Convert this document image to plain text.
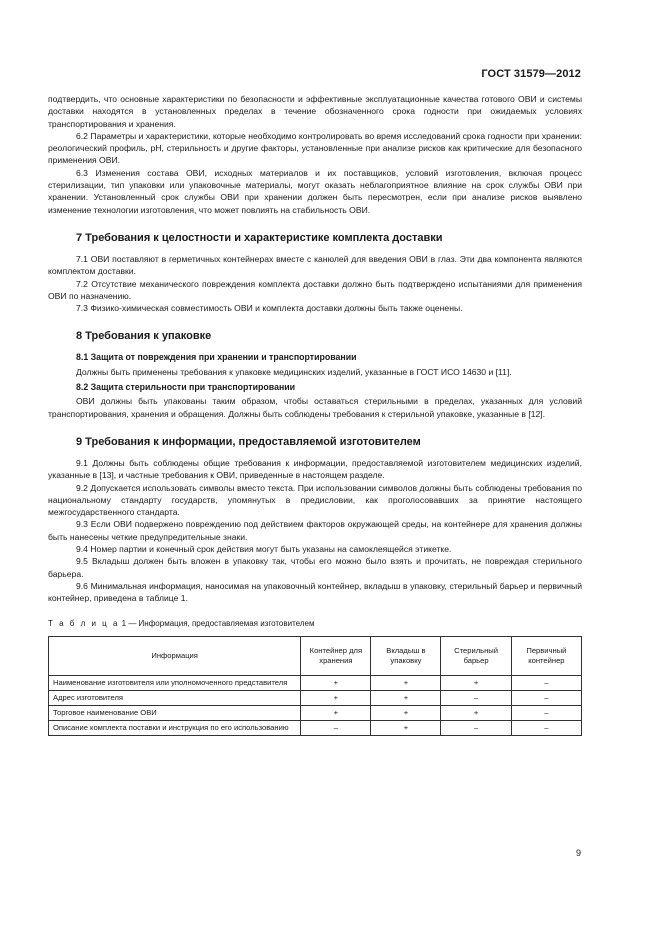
ГОСТ 31579—2012

подтвердить, что основные характеристики по безопасности и эффективные эксплуатационные качества готового ОВИ и системы доставки находятся в установленных пределах в течение обозначенного срока годности при ожидаемых условиях транспортирования и хранения.

6.2 Параметры и характеристики, которые необходимо контролировать во время исследований срока годности при хранении: реологический профиль, pH, стерильность и другие факторы, установленные при анализе рисков как критические для безопасного применения ОВИ.

6.3 Изменения состава ОВИ, исходных материалов и их поставщиков, условий изготовления, включая процесс стерилизации, тип упаковки или упаковочные материалы, могут оказать неблагоприятное влияние на срок службы ОВИ при хранении. Установленный срок службы ОВИ при хранении должен быть пересмотрен, если при анализе рисков выявлено изменение технологии изготовления, что может повлиять на стабильность ОВИ.

7 Требования к целостности и характеристике комплекта доставки

7.1 ОВИ поставляют в герметичных контейнерах вместе с канюлей для введения ОВИ в глаз. Эти два компонента являются комплектом доставки.

7.2 Отсутствие механического повреждения комплекта доставки должно быть подтверждено испытаниями для применения ОВИ по назначению.

7.3 Физико-химическая совместимость ОВИ и комплекта доставки должны быть также оценены.

8 Требования к упаковке
8.1 Защита от повреждения при хранении и транспортировании

Должны быть применены требования к упаковке медицинских изделий, указанные в ГОСТ ИСО 14630 и [11].

8.2 Защита стерильности при транспортировании

ОВИ должны быть упакованы таким образом, чтобы оставаться стерильными в пределах, указанных для условий транспортирования, хранения и обращения. Должны быть соблюдены требования к стерильной упаковке, указанные в [12].

9 Требования к информации, предоставляемой изготовителем

9.1 Должны быть соблюдены общие требования к информации, предоставляемой изготовителем медицинских изделий, указанные в [13], и частные требования к ОВИ, приведенные в настоящем разделе.

9.2 Допускается использовать символы вместо текста. При использовании символов должны быть соблюдены требования по национальному стандарту государств, упомянутых в предисловии, как проголосовавших за принятие настоящего межгосударственного стандарта.

9.3 Если ОВИ подвержено повреждению под действием факторов окружающей среды, на контейнере для хранения должны быть нанесены четкие предупредительные знаки.

9.4 Номер партии и конечный срок действия могут быть указаны на самоклеящейся этикетке.

9.5 Вкладыш должен быть вложен в упаковку так, чтобы его можно было взять и прочитать, не повреждая стерильного барьера.

9.6 Минимальная информация, наносимая на упаковочный контейнер, вкладыш в упаковку, стерильный барьер и первичный контейнер, приведена в таблице 1.

Т а б л и ц а 1 — Информация, предоставляемая изготовителем
Информация	Контейнер для хранения	Вкладыш в упаковку	Стерильный барьер	Первичный контейнер
Наименование изготовителя или уполномоченного представителя	+	+	+	–
Адрес изготовителя	+	+	–	–
Торговое наименование ОВИ	+	+	+	–
Описание комплекта поставки и инструкция по его использованию	–	+	–	–
9
